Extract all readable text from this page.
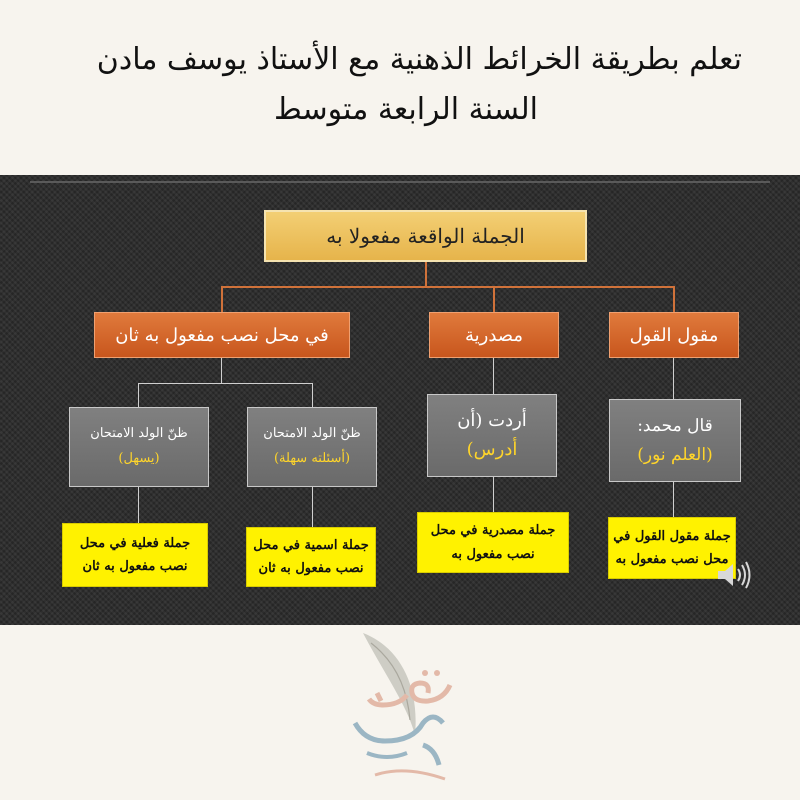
تعلم بطريقة الخرائط الذهنية مع الأستاذ يوسف مادن
السنة الرابعة متوسط
الجملة الواقعة مفعولا به
مقول القول
مصدرية
في محل نصب مفعول به ثان
قال محمد:
(العلم نور)
أردت (أن
أدرس)
ظنّ الولد الامتحان
(أسئلته سهلة)
ظنّ الولد الامتحان
(يسهل)
جملة مقول القول في
محل نصب مفعول به
جملة مصدرية في محل
نصب مفعول به
جملة اسمية في محل
نصب مفعول به ثان
جملة فعلية في محل
نصب مفعول به ثان
